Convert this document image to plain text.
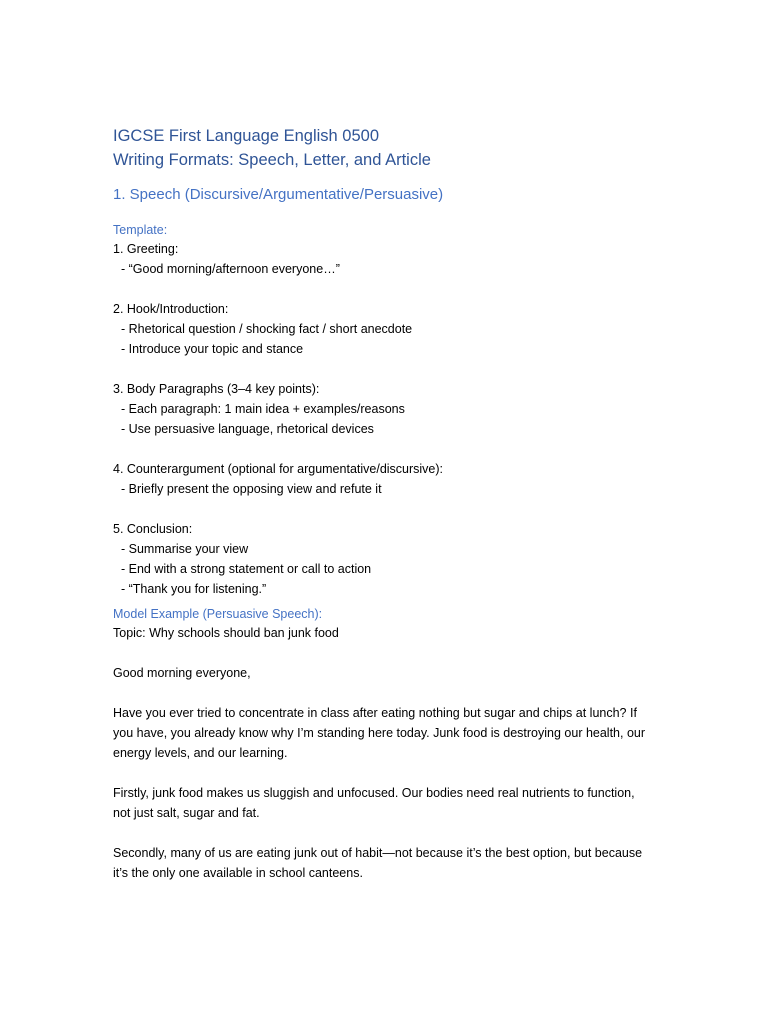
IGCSE First Language English 0500

Writing Formats: Speech, Letter, and Article

1. Speech (Discursive/Argumentative/Persuasive)

Template:

1. Greeting:

- “Good morning/afternoon everyone…”

2. Hook/Introduction:

- Rhetorical question / shocking fact / short anecdote

- Introduce your topic and stance

3. Body Paragraphs (3–4 key points):

- Each paragraph: 1 main idea + examples/reasons

- Use persuasive language, rhetorical devices

4. Counterargument (optional for argumentative/discursive):

- Briefly present the opposing view and refute it

5. Conclusion:

- Summarise your view

- End with a strong statement or call to action

- “Thank you for listening.”

Model Example (Persuasive Speech):

Topic: Why schools should ban junk food

Good morning everyone,

Have you ever tried to concentrate in class after eating nothing but sugar and chips at lunch? If

you have, you already know why I’m standing here today. Junk food is destroying our health, our

energy levels, and our learning.

Firstly, junk food makes us sluggish and unfocused. Our bodies need real nutrients to function,

not just salt, sugar and fat.

Secondly, many of us are eating junk out of habit—not because it’s the best option, but because

it’s the only one available in school canteens.
